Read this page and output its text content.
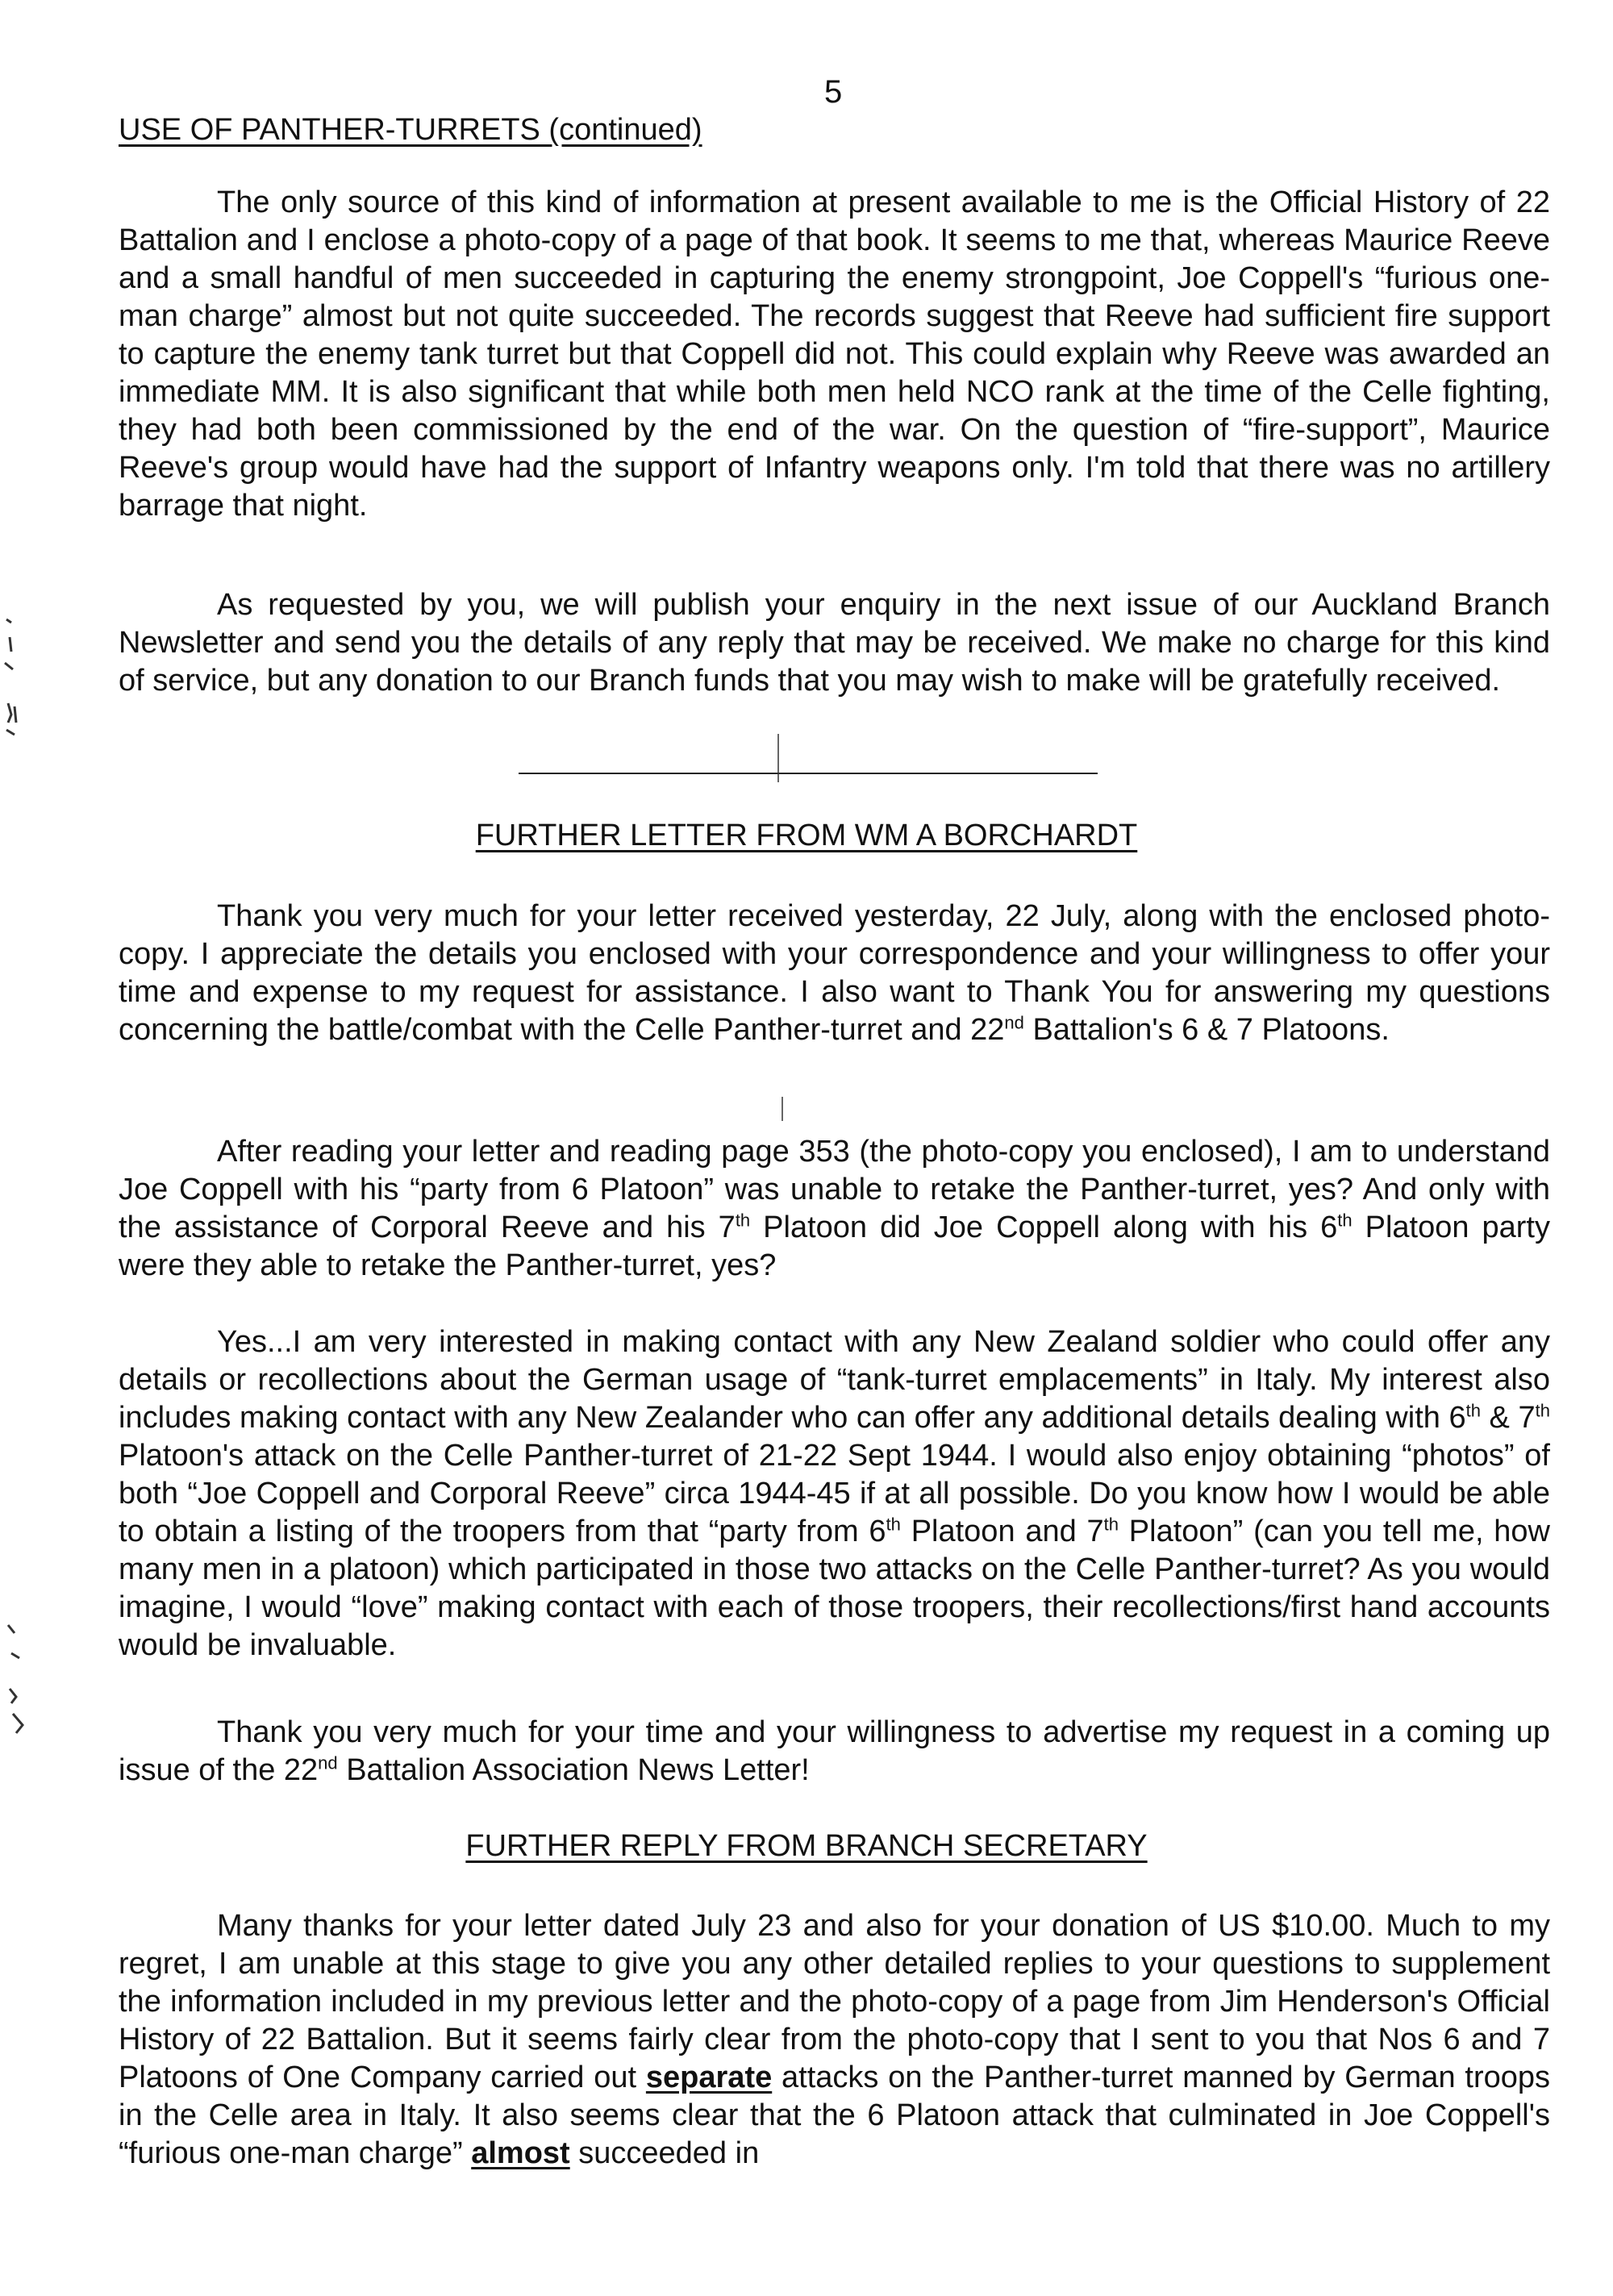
5
USE OF PANTHER-TURRETS (continued)

The only source of this kind of information at present available to me is the Official History of 22 Battalion and I enclose a photo-copy of a page of that book. It seems to me that, whereas Maurice Reeve and a small handful of men succeeded in capturing the enemy strongpoint, Joe Coppell's “furious one-man charge” almost but not quite succeeded. The records suggest that Reeve had sufficient fire support to capture the enemy tank turret but that Coppell did not. This could explain why Reeve was awarded an immediate MM. It is also significant that while both men held NCO rank at the time of the Celle fighting, they had both been commissioned by the end of the war. On the question of “fire-support”, Maurice Reeve's group would have had the support of Infantry weapons only. I'm told that there was no artillery barrage that night.

As requested by you, we will publish your enquiry in the next issue of our Auckland Branch Newsletter and send you the details of any reply that may be received. We make no charge for this kind of service, but any donation to our Branch funds that you may wish to make will be gratefully received.

FURTHER LETTER FROM WM A BORCHARDT

Thank you very much for your letter received yesterday, 22 July, along with the enclosed photo-copy. I appreciate the details you enclosed with your correspondence and your willingness to offer your time and expense to my request for assistance. I also want to Thank You for answering my questions concerning the battle/combat with the Celle Panther-turret and 22nd Battalion's 6 & 7 Platoons.

After reading your letter and reading page 353 (the photo-copy you enclosed), I am to understand Joe Coppell with his “party from 6 Platoon” was unable to retake the Panther-turret, yes? And only with the assistance of Corporal Reeve and his 7th Platoon did Joe Coppell along with his 6th Platoon party were they able to retake the Panther-turret, yes?

Yes...I am very interested in making contact with any New Zealand soldier who could offer any details or recollections about the German usage of “tank-turret emplacements” in Italy. My interest also includes making contact with any New Zealander who can offer any additional details dealing with 6th & 7th Platoon's attack on the Celle Panther-turret of 21-22 Sept 1944. I would also enjoy obtaining “photos” of both “Joe Coppell and Corporal Reeve” circa 1944-45 if at all possible. Do you know how I would be able to obtain a listing of the troopers from that “party from 6th Platoon and 7th Platoon” (can you tell me, how many men in a platoon) which participated in those two attacks on the Celle Panther-turret? As you would imagine, I would “love” making contact with each of those troopers, their recollections/first hand accounts would be invaluable.

Thank you very much for your time and your willingness to advertise my request in a coming up issue of the 22nd Battalion Association News Letter!

FURTHER REPLY FROM BRANCH SECRETARY

Many thanks for your letter dated July 23 and also for your donation of US $10.00. Much to my regret, I am unable at this stage to give you any other detailed replies to your questions to supplement the information included in my previous letter and the photo-copy of a page from Jim Henderson's Official History of 22 Battalion. But it seems fairly clear from the photo-copy that I sent to you that Nos 6 and 7 Platoons of One Company carried out separate attacks on the Panther-turret manned by German troops in the Celle area in Italy. It also seems clear that the 6 Platoon attack that culminated in Joe Coppell's “furious one-man charge” almost succeeded in
